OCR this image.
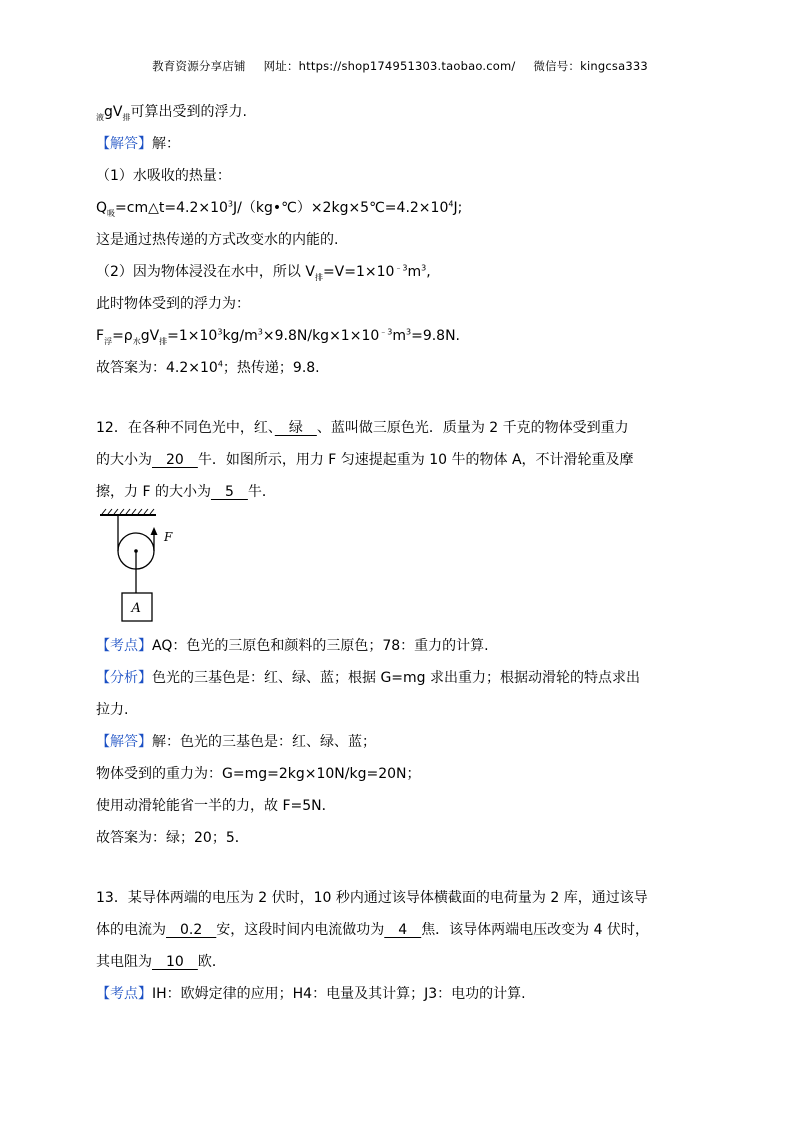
教育资源分享店铺 网址：https://shop174951303.taobao.com/ 微信号：kingcsa333
$_液gV_排$可算出受到的浮力.
【解答】解：
（1）水吸收的热量：
$Q_吸=cm\triangle t=4.2\times 10^3J/(kg•℃)\times 2kg\times 5℃=4.2\times 10^4J$;
这是通过热传递的方式改变水的内能的.
（2）因为物体浸没在水中，所以 $V_排=V=1\times 10^{﹣3}m^3$,
此时物体受到的浮力为：
$F_浮=\rho_水gV_排=1\times 10^3kg/m^3\times 9.8N/kg\times 1\times 10^{﹣3}m^3=9.8N$.
故答案为：$4.2\times 10^4$；热传递；9.8.
12．在各种不同色光中，红、　绿　、蓝叫做三原色光．质量为 2 千克的物体受到重力
的大小为　20　牛．如图所示，用力 F 匀速提起重为 10 牛的物体 A，不计滑轮重及摩
擦，力 F 的大小为　5　牛．
F
A
【考点】AQ：色光的三原色和颜料的三原色；78：重力的计算.
【分析】色光的三基色是：红、绿、蓝；根据 G=mg 求出重力；根据动滑轮的特点求出
拉力.
【解答】解：色光的三基色是：红、绿、蓝；
物体受到的重力为：G=mg=2kg×10N/kg=20N；
使用动滑轮能省一半的力，故 F=5N．
故答案为：绿；20；5．
13．某导体两端的电压为 2 伏时，10 秒内通过该导体横截面的电荷量为 2 库，通过该导
体的电流为　0.2　安，这段时间内电流做功为　4　焦．该导体两端电压改变为 4 伏时，
其电阻为　10　欧．
【考点】IH：欧姆定律的应用；H4：电量及其计算；J3：电功的计算.
